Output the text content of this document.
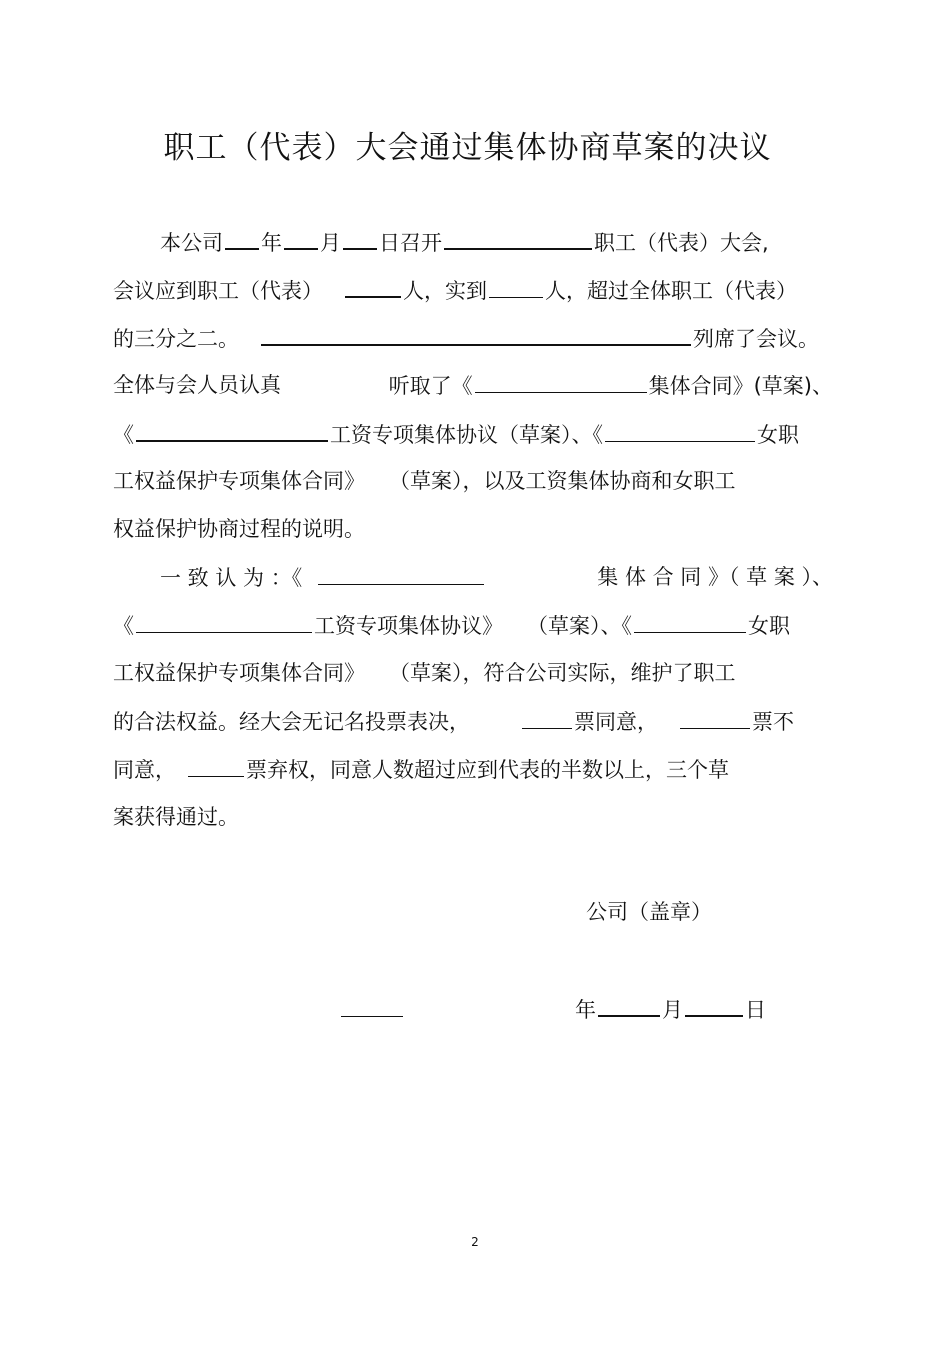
职工（代表）大会通过集体协商草案的决议
本公司 年 月 日召开	职工（代表）大会,
会议应到职工（代表）	人，实到	人，超过全体职工（代表）
的三分之二。	列席了会议。
全体与会人员认真	听取了《	集体合同》(草案)、
《	工资专项集体协议（草案）、《	女职
工权益保护专项集体合同》 （草案），以及工资集体协商和女职工
权益保护协商过程的说明。
一 致 认 为 ：《	集 体 合 同 》（ 草 案 ）、
《	工资专项集体协议》 （草案）、《	女职
工权益保护专项集体合同》 （草案），符合公司实际，维护了职工
的合法权益。经大会无记名投票表决，	票同意，	票不
同意，	票弃权，同意人数超过应到代表的半数以上，三个草
案获得通过。
公司（盖章）
年	月	日
2
